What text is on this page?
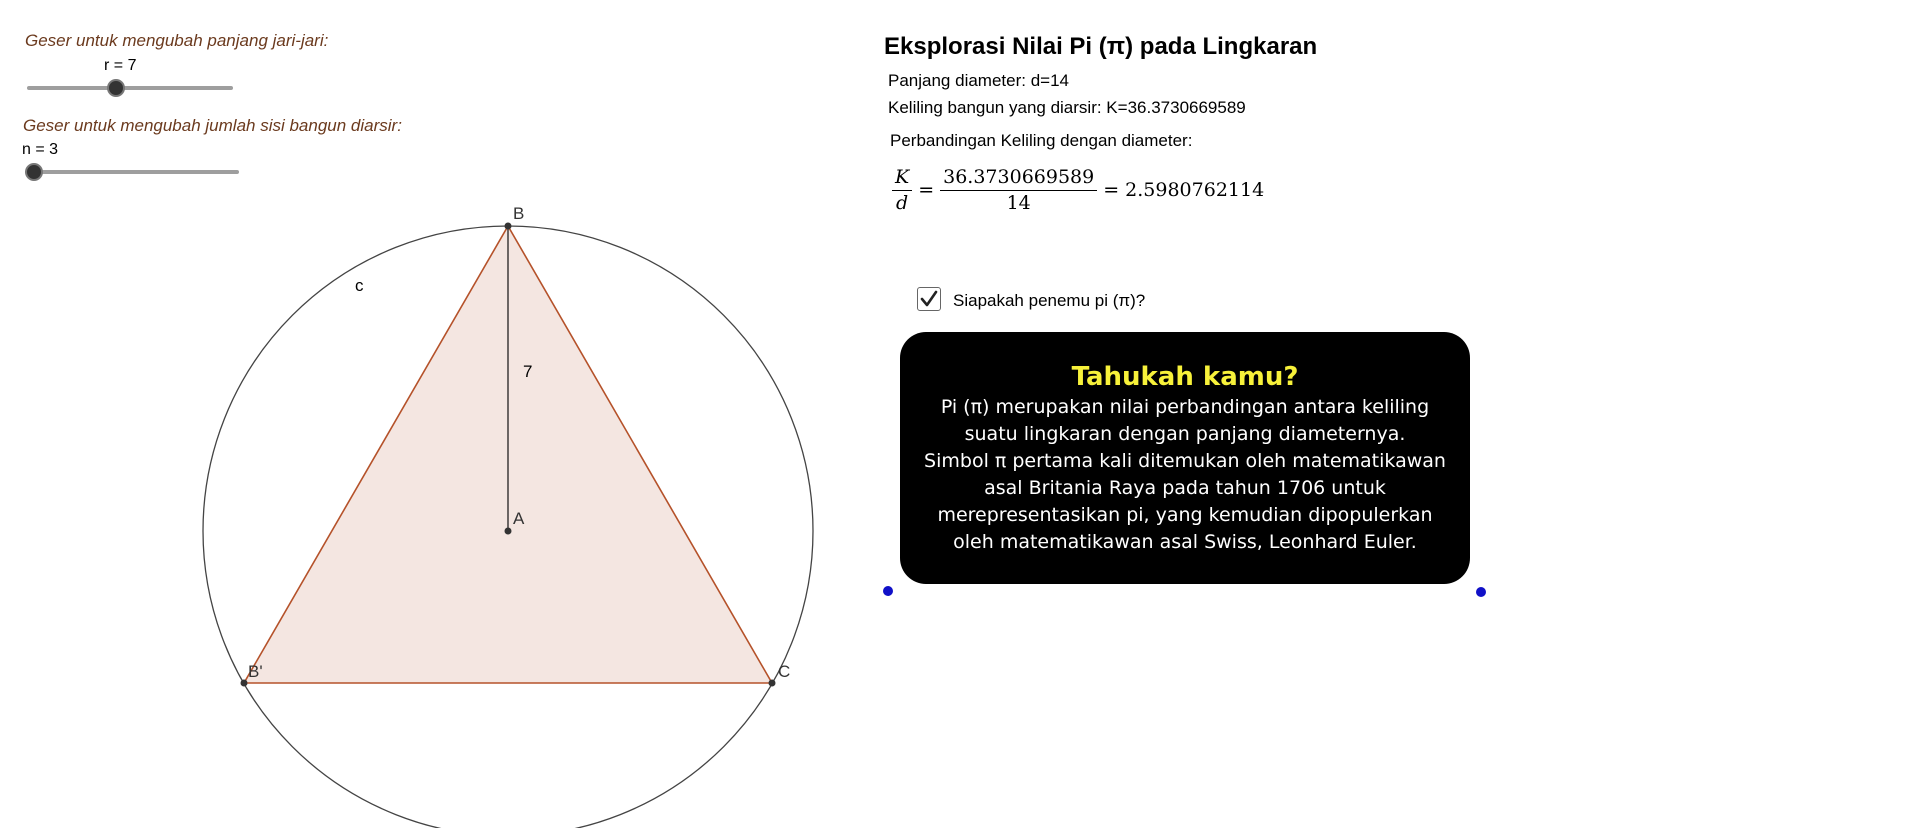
B
C
B'
A
c
7
Geser untuk mengubah panjang jari-jari:
r = 7
Geser untuk mengubah jumlah sisi bangun diarsir:
n = 3
Eksplorasi Nilai Pi (π) pada Lingkaran
Panjang diameter: d=14
Keliling bangun yang diarsir: K=36.3730669589
Perbandingan Keliling dengan diameter:
$\frac{K}{d} = \frac{36.3730669589}{14} = 2.5980762114$
Siapakah penemu pi (π)?
Tahukah kamu?
Pi (π) merupakan nilai perbandingan antara keliling
suatu lingkaran dengan panjang diameternya.
Simbol π pertama kali ditemukan oleh matematikawan
asal Britania Raya pada tahun 1706 untuk
merepresentasikan pi, yang kemudian dipopulerkan
oleh matematikawan asal Swiss, Leonhard Euler.
